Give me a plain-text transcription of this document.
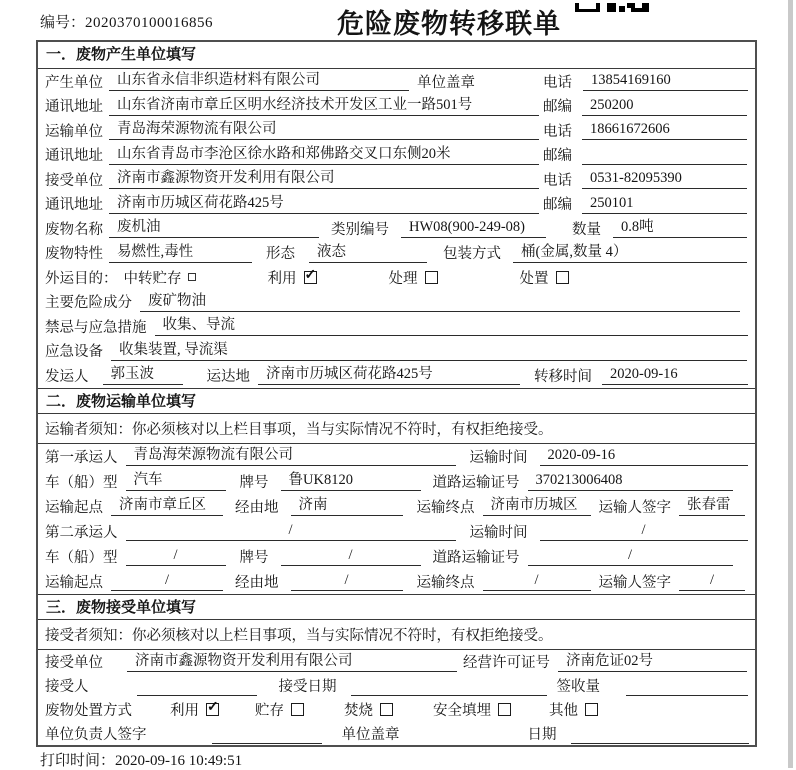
编号：2020370100016856	危险废物转移联单
一．废物产生单位填写
产生单位 山东省永信非织造材料有限公司	单位盖章	电话	13854169160
通讯地址 山东省济南市章丘区明水经济技术开发区工业一路501号	邮编	250200
运输单位 青岛海荣源物流有限公司	电话	18661672606
通讯地址 山东省青岛市李沧区徐水路和郑佛路交叉口东侧20米	邮编
接受单位 济南市鑫源物资开发利用有限公司	电话	0531-82095390
通讯地址 济南市历城区荷花路425号	邮编	250101
废物名称 废机油	类别编号	HW08(900-249-08)	数量	0.8吨
废物特性 易燃性,毒性	形态	液态	包装方式	桶(金属,数量 4）
外运目的： 中转贮存	利用 ✓	处理	处置
主要危险成分	废矿物油
禁忌与应急措施	收集、导流
应急设备	收集装置, 导流渠
发运人	郭玉波	运达地	济南市历城区荷花路425号	转移时间	2020-09-16
二．废物运输单位填写
运输者须知：你必须核对以上栏目事项，当与实际情况不符时，有权拒绝接受。
第一承运人	青岛海荣源物流有限公司	运输时间	2020-09-16
车（船）型	汽车	牌号	鲁UK8120	道路运输证号	370213006408
运输起点	济南市章丘区	经由地	济南	运输终点	济南市历城区	运输人签字	张春雷
第二承运人	/	运输时间	/
车（船）型	/	牌号	/	道路运输证号	/
运输起点	/	经由地	/	运输终点	/	运输人签字	/
三．废物接受单位填写
接受者须知：你必须核对以上栏目事项，当与实际情况不符时，有权拒绝接受。
接受单位	济南市鑫源物资开发利用有限公司	经营许可证号	济南危证02号
接受人	接受日期	签收量
废物处置方式	利用 ✓	贮存	焚烧	安全填埋	其他
单位负责人签字	单位盖章	日期
打印时间：2020-09-16 10:49:51
